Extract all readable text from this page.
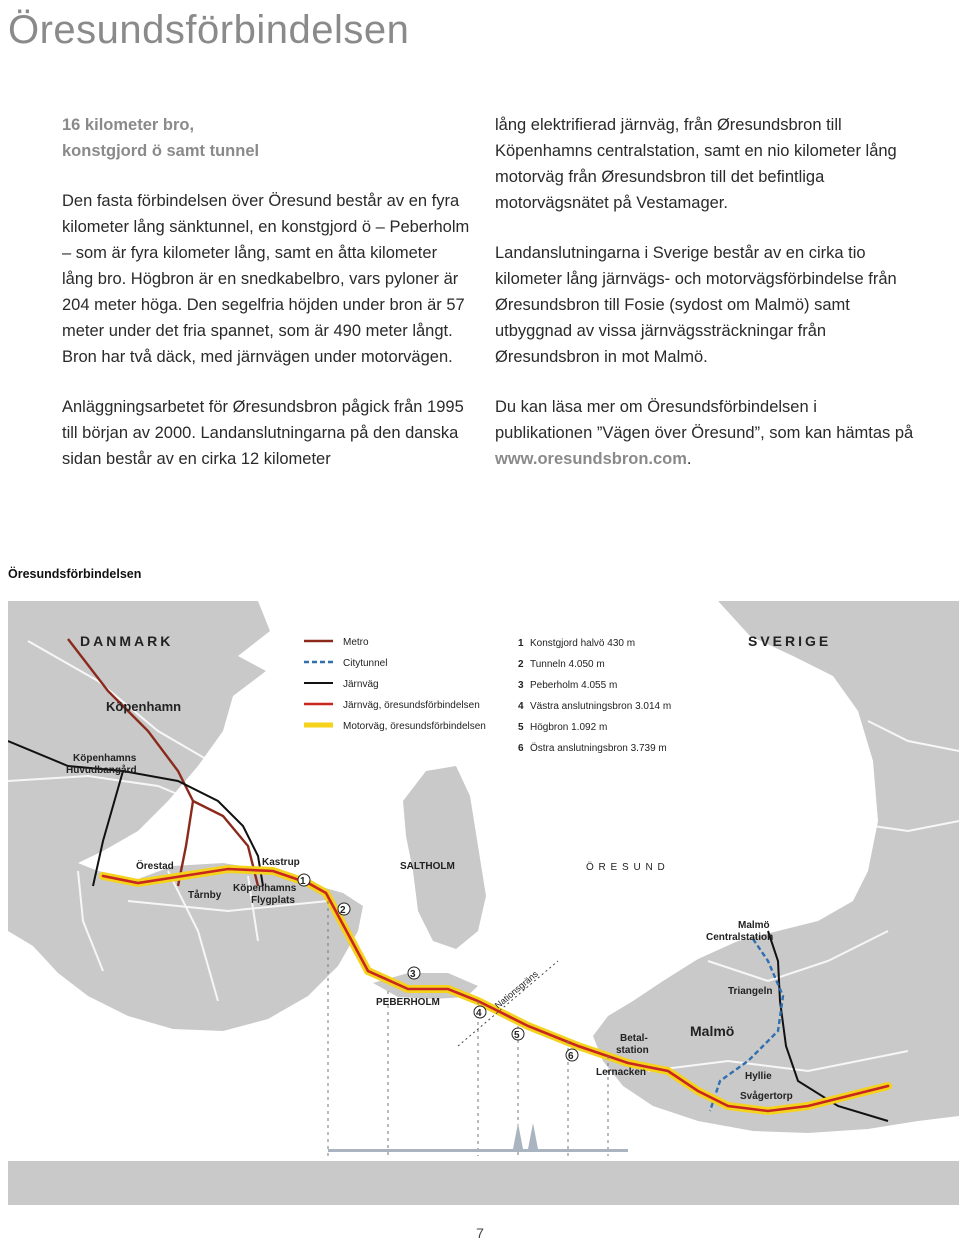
Öresundsförbindelsen
16 kilometer bro,
konstgjord ö samt tunnel

Den fasta förbindelsen över Öresund består av en fyra kilometer lång sänktunnel, en konstgjord ö – Peberholm – som är fyra kilometer lång, samt en åtta kilometer lång bro. Högbron är en snedkabelbro, vars pyloner är 204 meter höga. Den segelfria höjden under bron är 57 meter under det fria spannet, som är 490 meter långt. Bron har två däck, med järnvägen under motorvägen.

Anläggningsarbetet för Øresundsbron pågick från 1995 till början av 2000. Landanslutningarna på den danska sidan består av en cirka 12 kilometer

lång elektrifierad järnväg, från Øresundsbron till Köpenhamns centralstation, samt en nio kilometer lång motorväg från Øresundsbron till det befintliga motorvägsnätet på Vestamager.

Landanslutningarna i Sverige består av en cirka tio kilometer lång järnvägs- och motorvägsförbindelse från Øresundsbron till Fosie (sydost om Malmö) samt utbyggnad av vissa järnvägssträckningar från Øresundsbron in mot Malmö.

Du kan läsa mer om Öresundsförbindelsen i publikationen ”Vägen över Öresund”, som kan hämtas på www.oresundsbron.com.

Öresundsförbindelsen
Metro
Citytunnel
Järnväg
Järnväg, öresundsförbindelsen
Motorväg, öresundsförbindelsen
1 Konstgjord halvö 430 m
2 Tunneln 4.050 m
3 Peberholm 4.055 m
4 Västra anslutningsbron 3.014 m
5 Högbron 1.092 m
6 Östra anslutningsbron 3.739 m
DANMARK	SVERIGE
Köpenhamn
Köpenhamns
Huvudbangård
Örestad
Tårnby
Kastrup
Köpenhamns
Flygplats
SALTHOLM	Ö R E S U N D
PEBERHOLM	Nationsgräns
Malmö
Centralstation
Triangeln
Malmö
Betal-
station
Lernacken	Hyllie
Svågertorp
1
2
3
4
5
6
7
